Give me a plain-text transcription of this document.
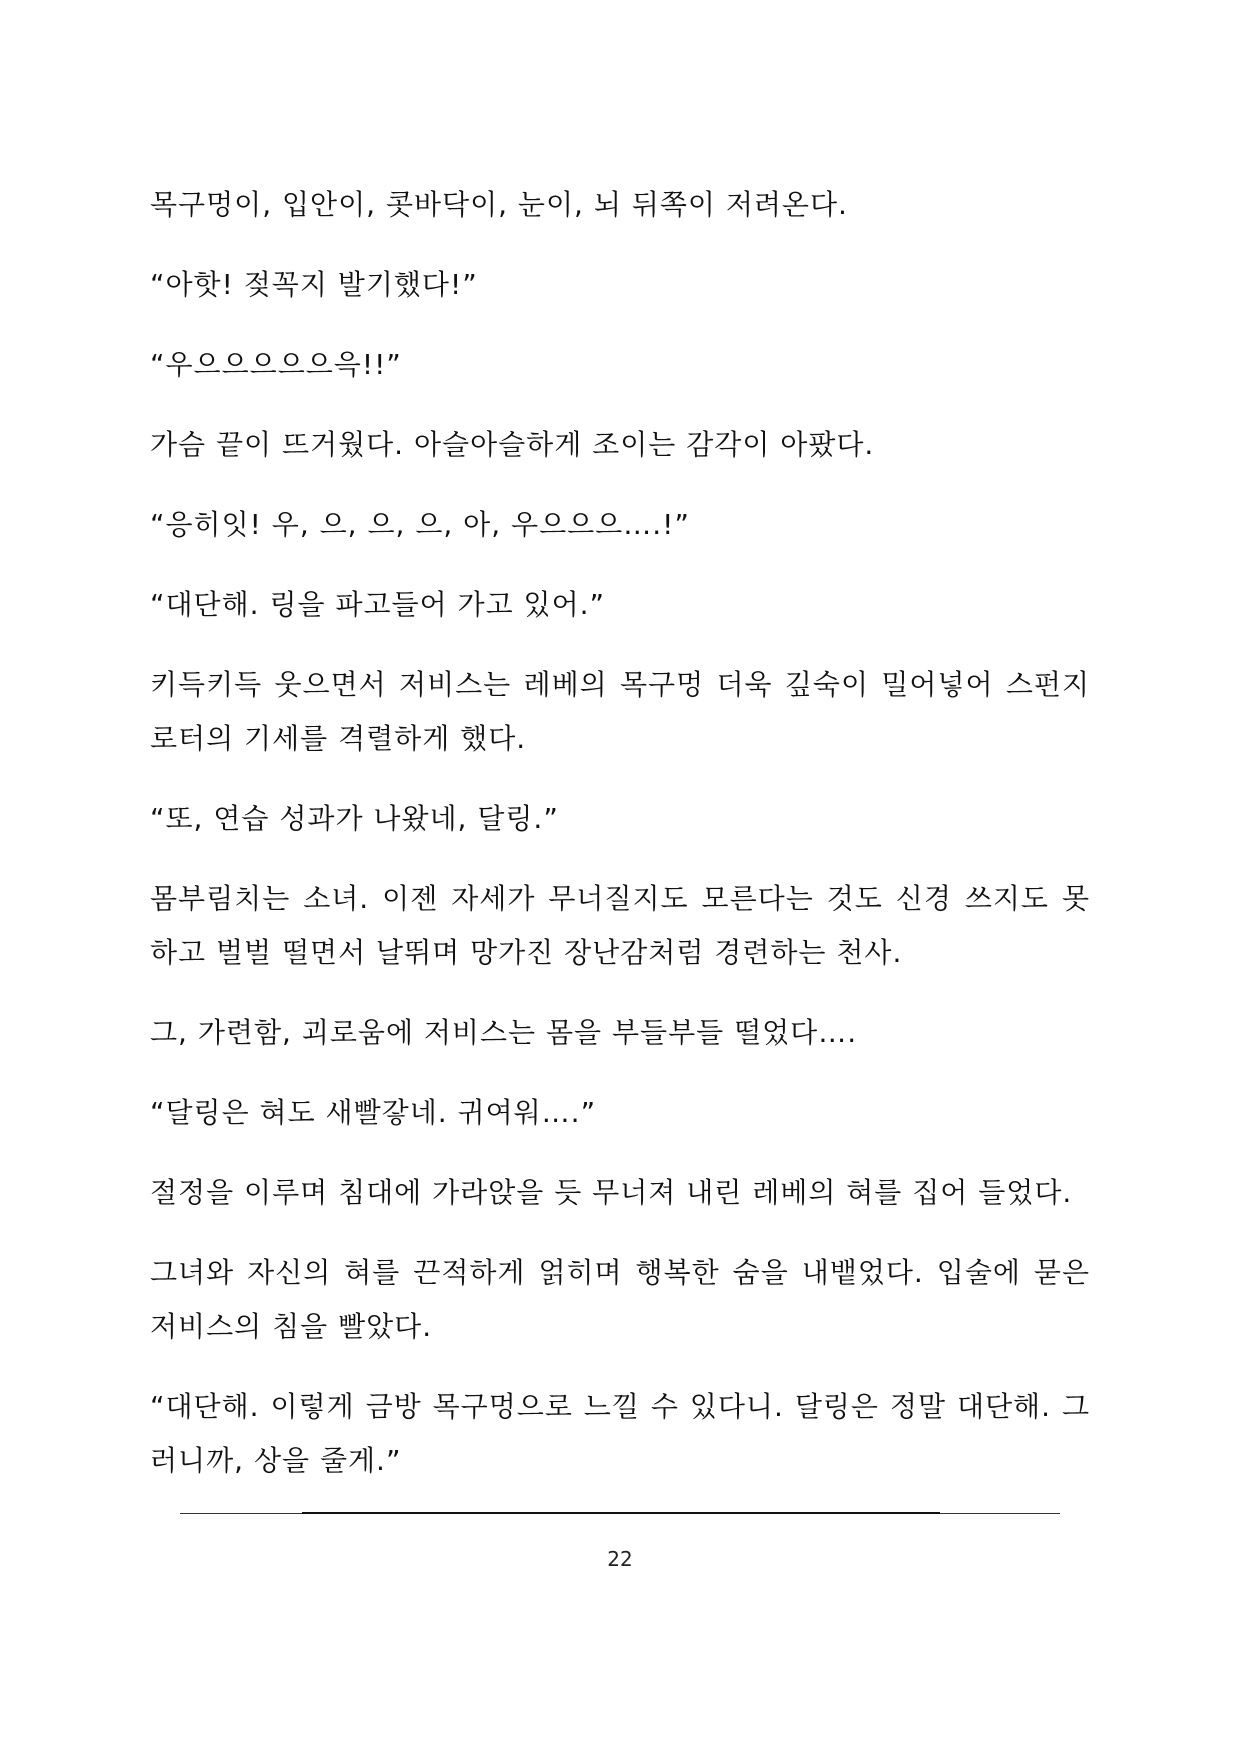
목구멍이, 입안이, 콧바닥이, 눈이, 뇌 뒤쪽이 저려온다.

“아핫! 젖꼭지 발기했다!”

“우으으으으으윽!!”

가슴 끝이 뜨거웠다. 아슬아슬하게 조이는 감각이 아팠다.

“응히잇! 우, 으, 으, 으, 아, 우으으으….!”

“대단해. 링을 파고들어 가고 있어.”

키득키득 웃으면서 저비스는 레베의 목구멍 더욱 깊숙이 밀어넣어 스펀지 로터의 기세를 격렬하게 했다.

“또, 연습 성과가 나왔네, 달링.”

몸부림치는 소녀. 이젠 자세가 무너질지도 모른다는 것도 신경 쓰지도 못하고 벌벌 떨면서 날뛰며 망가진 장난감처럼 경련하는 천사.

그, 가련함, 괴로움에 저비스는 몸을 부들부들 떨었다….

“달링은 혀도 새빨갛네. 귀여워….”

절정을 이루며 침대에 가라앉을 듯 무너져 내린 레베의 혀를 집어 들었다.

그녀와 자신의 혀를 끈적하게 얽히며 행복한 숨을 내뱉었다. 입술에 묻은 저비스의 침을 빨았다.

“대단해. 이렇게 금방 목구멍으로 느낄 수 있다니. 달링은 정말 대단해. 그러니까, 상을 줄게.”

22
